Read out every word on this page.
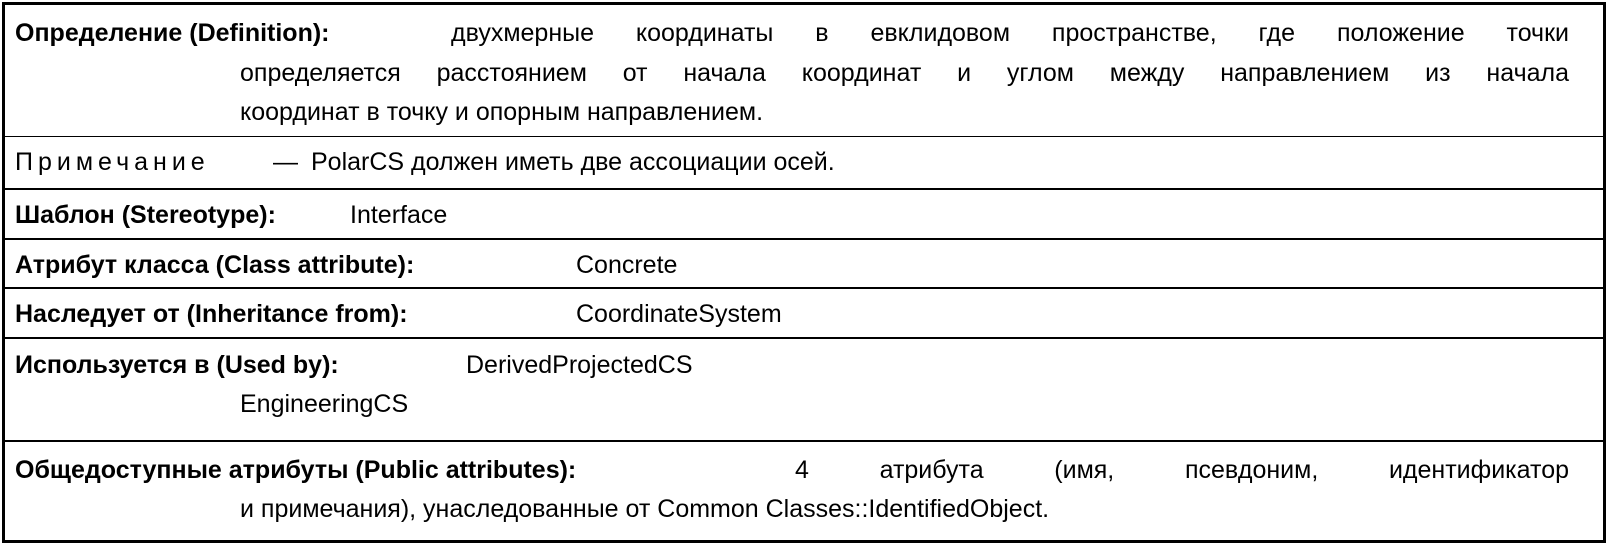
Определение (Definition):	двухмерные координаты в евклидовом пространстве, где положение точки
определяется расстоянием от начала координат и углом между направлением из начала
координат в точку и опорным направлением.
Примечание	— PolarCS должен иметь две ассоциации осей.
Шаблон (Stereotype):	Interface
Атрибут класса (Class attribute):	Concrete
Наследует от (Inheritance from):	CoordinateSystem
Используется в (Used by):	DerivedProjectedCS
EngineeringCS
Общедоступные атрибуты (Public attributes):	4 атрибута (имя, псевдоним, идентификатор
и примечания), унаследованные от Common Classes::IdentifiedObject.
